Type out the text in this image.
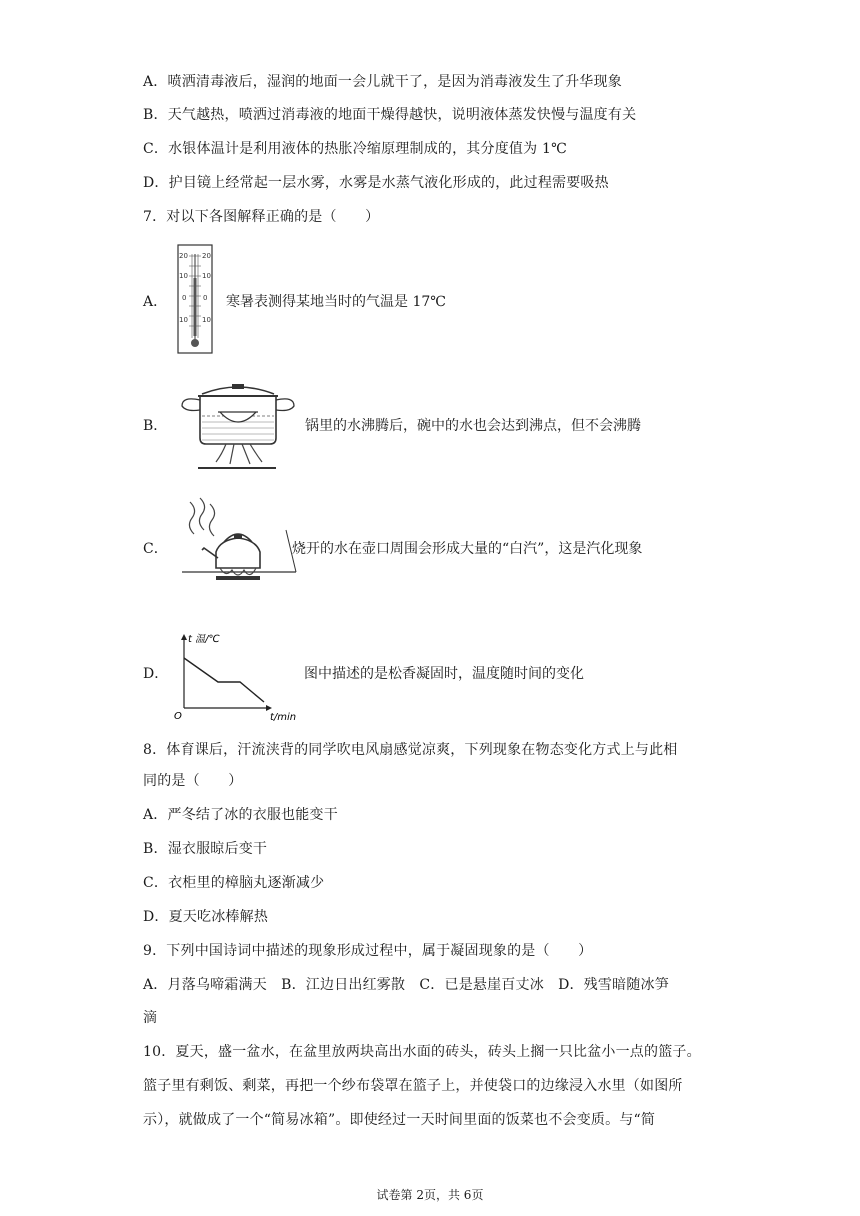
A．喷洒清毒液后，湿润的地面一会儿就干了，是因为消毒液发生了升华现象
B．天气越热，喷洒过消毒液的地面干燥得越快，说明液体蒸发快慢与温度有关
C．水银体温计是利用液体的热胀冷缩原理制成的，其分度值为 1℃
D．护目镜上经常起一层水雾，水雾是水蒸气液化形成的，此过程需要吸热
7．对以下各图解释正确的是（　　）
A．
20 20
10 10
0 0
10 10
寒暑表测得某地当时的气温是 17℃
B．	锅里的水沸腾后，碗中的水也会达到沸点，但不会沸腾
C．	烧开的水在壶口周围会形成大量的“白汽”，这是汽化现象
D．
t 温/℃
O	t/min
图中描述的是松香凝固时，温度随时间的变化
8．体育课后，汗流浃背的同学吹电风扇感觉凉爽，下列现象在物态变化方式上与此相
同的是（　　）
A．严冬结了冰的衣服也能变干
B．湿衣服晾后变干
C．衣柜里的樟脑丸逐渐减少
D．夏天吃冰棒解热
9．下列中国诗词中描述的现象形成过程中，属于凝固现象的是（　　）
A．月落乌啼霜满天　B．江边日出红雾散　C．已是悬崖百丈冰　D．残雪暗随冰笋
滴
10．夏天，盛一盆水，在盆里放两块高出水面的砖头，砖头上搁一只比盆小一点的篮子。
篮子里有剩饭、剩菜，再把一个纱布袋罩在篮子上，并使袋口的边缘浸入水里（如图所
示），就做成了一个“简易冰箱”。即使经过一天时间里面的饭菜也不会变质。与“简
试卷第 2页，共 6页
